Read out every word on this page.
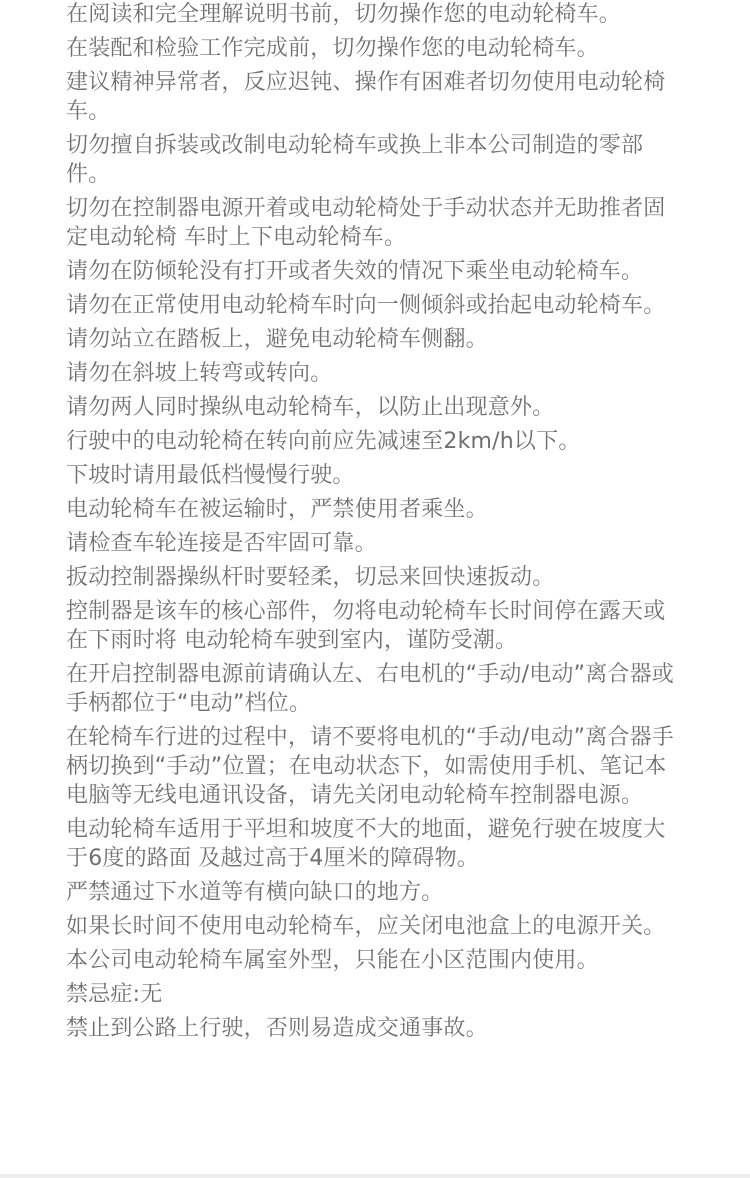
在阅读和完全理解说明书前，切勿操作您的电动轮椅车。
在装配和检验工作完成前，切勿操作您的电动轮椅车。
建议精神异常者，反应迟钝、操作有困难者切勿使用电动轮椅车。
切勿擅自拆装或改制电动轮椅车或换上非本公司制造的零部件。
切勿在控制器电源开着或电动轮椅处于手动状态并无助推者固定电动轮椅 车时上下电动轮椅车。
请勿在防倾轮没有打开或者失效的情况下乘坐电动轮椅车。
请勿在正常使用电动轮椅车时向一侧倾斜或抬起电动轮椅车。
请勿站立在踏板上，避免电动轮椅车侧翻。
请勿在斜坡上转弯或转向。
请勿两人同时操纵电动轮椅车，以防止出现意外。
行驶中的电动轮椅在转向前应先减速至2km/h以下。
下坡时请用最低档慢慢行驶。
电动轮椅车在被运输时，严禁使用者乘坐。
请检查车轮连接是否牢固可靠。
扳动控制器操纵杆时要轻柔，切忌来回快速扳动。
控制器是该车的核心部件，勿将电动轮椅车长时间停在露天或在下雨时将 电动轮椅车驶到室内，谨防受潮。
在开启控制器电源前请确认左、右电机的“手动/电动”离合器或手柄都位于“电动”档位。
在轮椅车行进的过程中，请不要将电机的“手动/电动”离合器手柄切换到“手动”位置；在电动状态下，如需使用手机、笔记本电脑等无线电通讯设备，请先关闭电动轮椅车控制器电源。
电动轮椅车适用于平坦和坡度不大的地面，避免行驶在坡度大于6度的路面 及越过高于4厘米的障碍物。
严禁通过下水道等有横向缺口的地方。
如果长时间不使用电动轮椅车，应关闭电池盒上的电源开关。
本公司电动轮椅车属室外型，只能在小区范围内使用。
禁忌症:无
禁止到公路上行驶，否则易造成交通事故。
